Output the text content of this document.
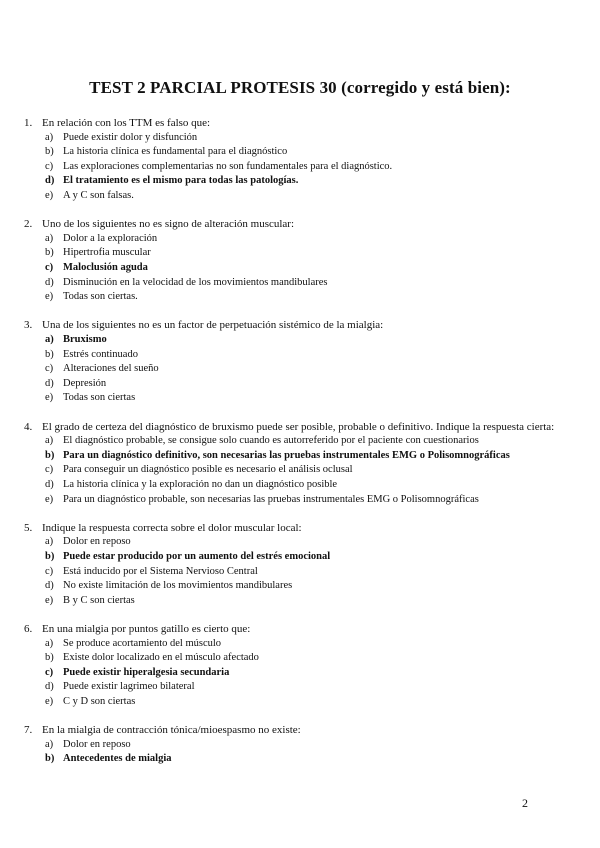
TEST 2 PARCIAL PROTESIS 30 (corregido y está bien):
1. En relación con los TTM es falso que:
a) Puede existir dolor y disfunción
b) La historia clínica es fundamental para el diagnóstico
c) Las exploraciones complementarias no son fundamentales para el diagnóstico.
d) El tratamiento es el mismo para todas las patologías.
e) A y C son falsas.
2. Uno de los siguientes no es signo de alteración muscular:
a) Dolor a la exploración
b) Hipertrofia muscular
c) Maloclusión aguda
d) Disminución en la velocidad de los movimientos mandibulares
e) Todas son ciertas.
3. Una de los siguientes no es un factor de perpetuación sistémico de la mialgia:
a) Bruxismo
b) Estrés continuado
c) Alteraciones del sueño
d) Depresión
e) Todas son ciertas
4. El grado de certeza del diagnóstico de bruxismo puede ser posible, probable o definitivo. Indique la respuesta cierta:
a) El diagnóstico probable, se consigue solo cuando es autorreferido por el paciente con cuestionarios
b) Para un diagnóstico definitivo, son necesarias las pruebas instrumentales EMG o Polisomnográficas
c) Para conseguir un diagnóstico posible es necesario el análisis oclusal
d) La historia clínica y la exploración no dan un diagnóstico posible
e) Para un diagnóstico probable, son necesarias las pruebas instrumentales EMG o Polisomnográficas
5. Indique la respuesta correcta sobre el dolor muscular local:
a) Dolor en reposo
b) Puede estar producido por un aumento del estrés emocional
c) Está inducido por el Sistema Nervioso Central
d) No existe limitación de los movimientos mandibulares
e) B y C son ciertas
6. En una mialgia por puntos gatillo es cierto que:
a) Se produce acortamiento del músculo
b) Existe dolor localizado en el músculo afectado
c) Puede existir hiperalgesia secundaria
d) Puede existir lagrimeo bilateral
e) C y D son ciertas
7. En la mialgia de contracción tónica/mioespasmo no existe:
a) Dolor en reposo
b) Antecedentes de mialgia
2
